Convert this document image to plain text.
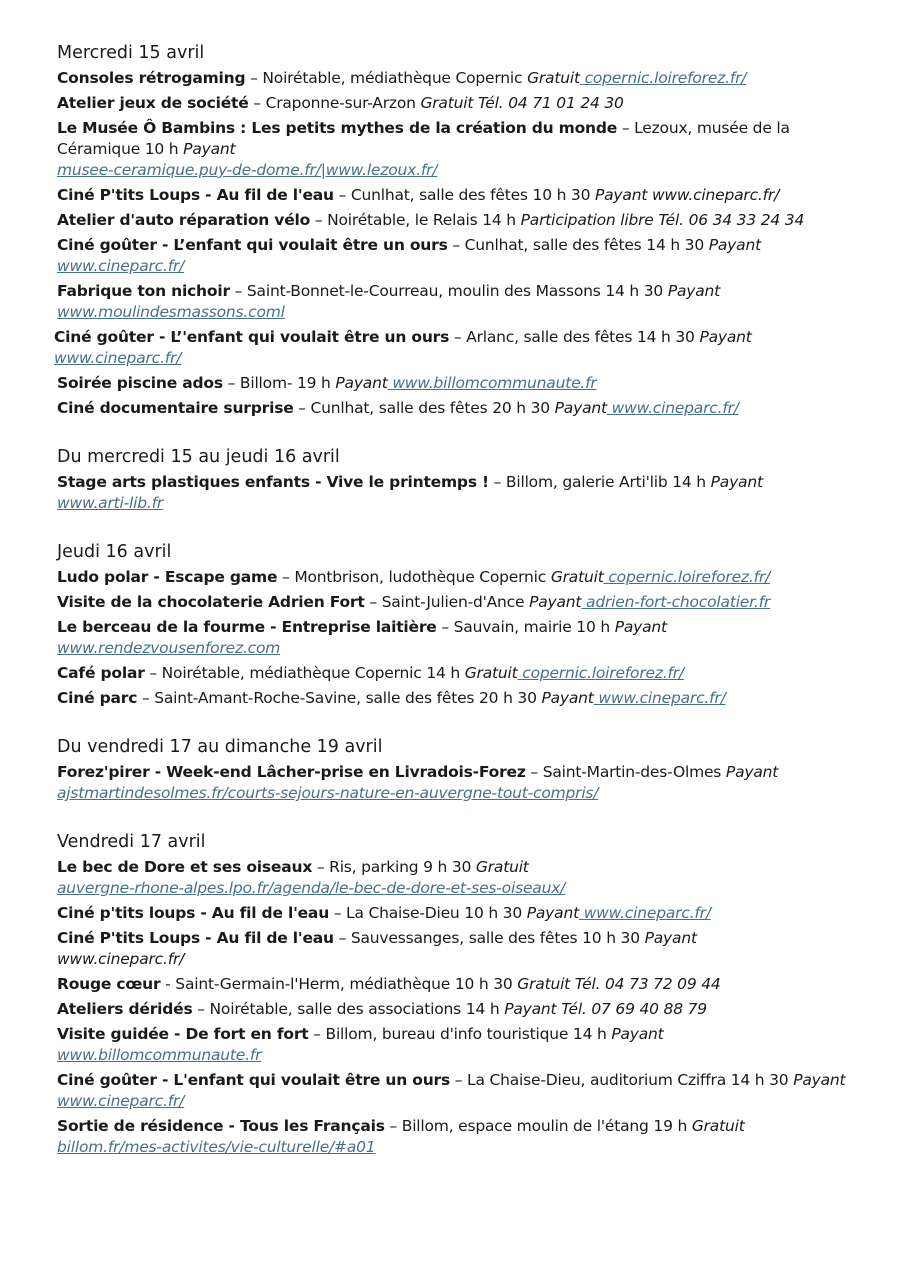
Mercredi 15 avril
Consoles rétrogaming – Noirétable, médiathèque Copernic Gratuit copernic.loireforez.fr/
Atelier jeux de société – Craponne-sur-Arzon Gratuit Tél. 04 71 01 24 30
Le Musée Ô Bambins : Les petits mythes de la création du monde – Lezoux, musée de la Céramique 10 h Payant
musee-ceramique.puy-de-dome.fr/|www.lezoux.fr/
Ciné P'tits Loups - Au fil de l'eau – Cunlhat, salle des fêtes 10 h 30 Payant www.cineparc.fr/
Atelier d'auto réparation vélo – Noirétable, le Relais 14 h Participation libre Tél. 06 34 33 24 34
Ciné goûter - L’enfant qui voulait être un ours – Cunlhat, salle des fêtes 14 h 30 Payantwww.cineparc.fr/
Fabrique ton nichoir – Saint-Bonnet-le-Courreau, moulin des Massons 14 h 30 Payant
www.moulindesmassons.coml
Ciné goûter - L’'enfant qui voulait être un ours – Arlanc, salle des fêtes 14 h 30 Payantwww.cineparc.fr/
Soirée piscine ados – Billom- 19 h Payant www.billomcommunaute.fr
Ciné documentaire surprise – Cunlhat, salle des fêtes 20 h 30 Payant www.cineparc.fr/
Du mercredi 15 au jeudi 16 avril
Stage arts plastiques enfants - Vive le printemps ! – Billom, galerie Arti'lib 14 h Payant
www.arti-lib.fr
Jeudi 16 avril
Ludo polar - Escape game – Montbrison, ludothèque Copernic Gratuit copernic.loireforez.fr/
Visite de la chocolaterie Adrien Fort – Saint-Julien-d'Ance Payant adrien-fort-chocolatier.fr
Le berceau de la fourme - Entreprise laitière – Sauvain, mairie 10 h Payant
www.rendezvousenforez.com
Café polar – Noirétable, médiathèque Copernic 14 h Gratuit copernic.loireforez.fr/
Ciné parc – Saint-Amant-Roche-Savine, salle des fêtes 20 h 30 Payant www.cineparc.fr/
Du vendredi 17 au dimanche 19 avril
Forez'pirer - Week-end Lâcher-prise en Livradois-Forez – Saint-Martin-des-Olmes Payant
ajstmartindesolmes.fr/courts-sejours-nature-en-auvergne-tout-compris/
Vendredi 17 avril
Le bec de Dore et ses oiseaux – Ris, parking 9 h 30 Gratuit
auvergne-rhone-alpes.lpo.fr/agenda/le-bec-de-dore-et-ses-oiseaux/
Ciné p'tits loups - Au fil de l'eau – La Chaise-Dieu 10 h 30 Payant www.cineparc.fr/
Ciné P'tits Loups - Au fil de l'eau – Sauvessanges, salle des fêtes 10 h 30 Payant
www.cineparc.fr/
Rouge cœur - Saint-Germain-l'Herm, médiathèque 10 h 30 Gratuit Tél. 04 73 72 09 44
Ateliers déridés – Noirétable, salle des associations 14 h Payant Tél. 07 69 40 88 79
Visite guidée - De fort en fort – Billom, bureau d'info touristique 14 h Payant
www.billomcommunaute.fr
Ciné goûter - L'enfant qui voulait être un ours – La Chaise-Dieu, auditorium Cziffra 14 h 30 Payantwww.cineparc.fr/
Sortie de résidence - Tous les Français – Billom, espace moulin de l'étang 19 h Gratuit
billom.fr/mes-activites/vie-culturelle/#a01
